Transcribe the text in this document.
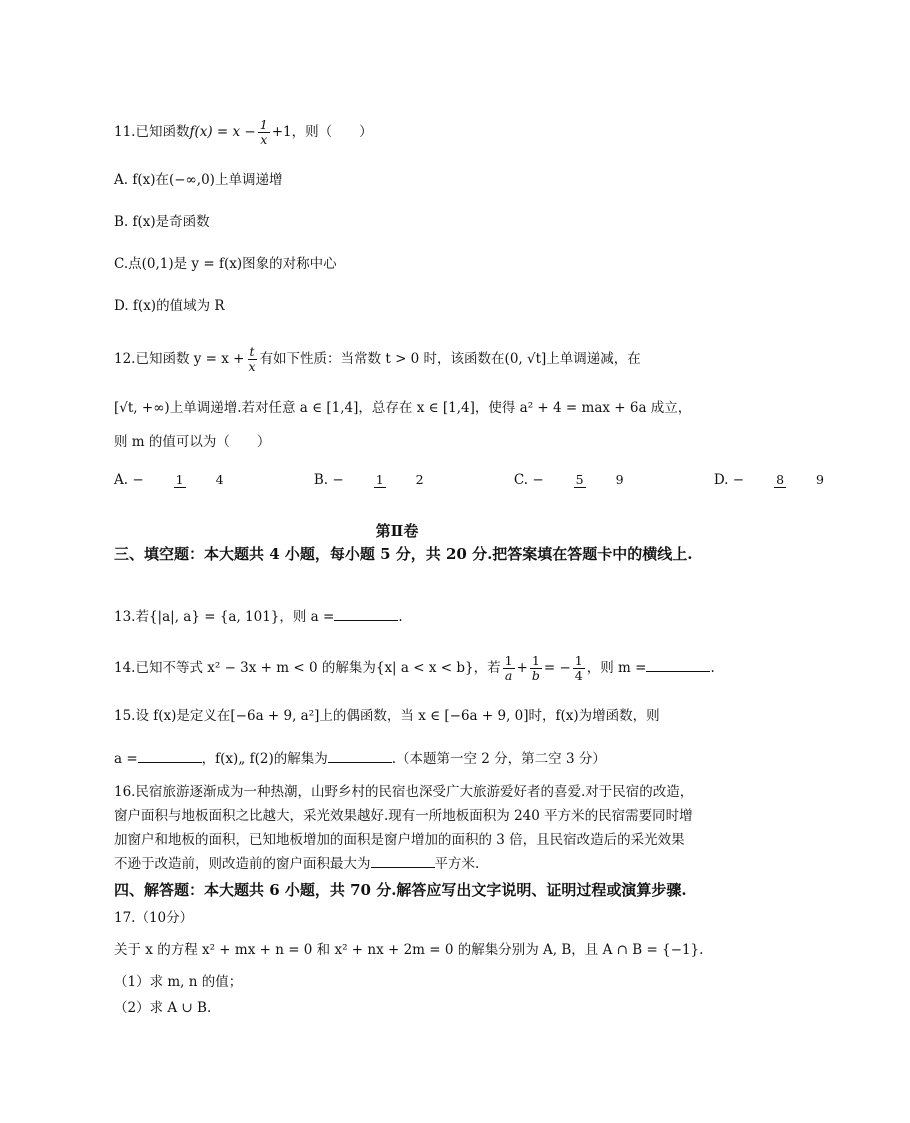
11.已知函数$f(x) = x - \frac{1}{x} +1$，则（　　）
A. f(x)在(−∞,0)上单调递增
B. f(x)是奇函数
C.点(0,1)是 y = f(x)图象的对称中心
D. f(x)的值域为 R
12.已知函数 $y = x + \frac{t}{x}$ 有如下性质：当常数 t > 0 时，该函数在(0, √t]上单调递减，在
[√t, +∞)上单调递增.若对任意 a ∈ [1,4]，总存在 x ∈ [1,4]，使得 a² + 4 = max + 6a 成立，
则 m 的值可以为（　　）
A. −	1	4	B. −	1	2	C. −	5	9	D. −	8	9
第Ⅱ卷
三、填空题：本大题共 4 小题，每小题 5 分，共 20 分.把答案填在答题卡中的横线上.
13.若{|a|, a} = {a, 101}，则 a =	.
14.已知不等式 x² − 3x + m < 0 的解集为{x| a < x < b}，若 $\frac{1}{a} + \frac{1}{b}$ = − $\frac{1}{4}$ ，则 m =	.
15.设 f(x)是定义在[−6a + 9, a²]上的偶函数，当 x ∈ [−6a + 9, 0]时，f(x)为增函数，则
a =	，f(x)„ f(2)的解集为	.（本题第一空 2 分，第二空 3 分）
16.民宿旅游逐渐成为一种热潮，山野乡村的民宿也深受广大旅游爱好者的喜爱.对于民宿的改造，窗户面积与地板面积之比越大，采光效果越好.现有一所地板面积为 240 平方米的民宿需要同时增加窗户和地板的面积，已知地板增加的面积是窗户增加的面积的 3 倍，且民宿改造后的采光效果不逊于改造前，则改造前的窗户面积最大为	平方米.
四、解答题：本大题共 6 小题，共 70 分.解答应写出文字说明、证明过程或演算步骤.
17.（10分）
关于 x 的方程 x² + mx + n = 0 和 x² + nx + 2m = 0 的解集分别为 A, B，且 A ∩ B = {−1}.
（1）求 m, n 的值；
（2）求 A ∪ B.
